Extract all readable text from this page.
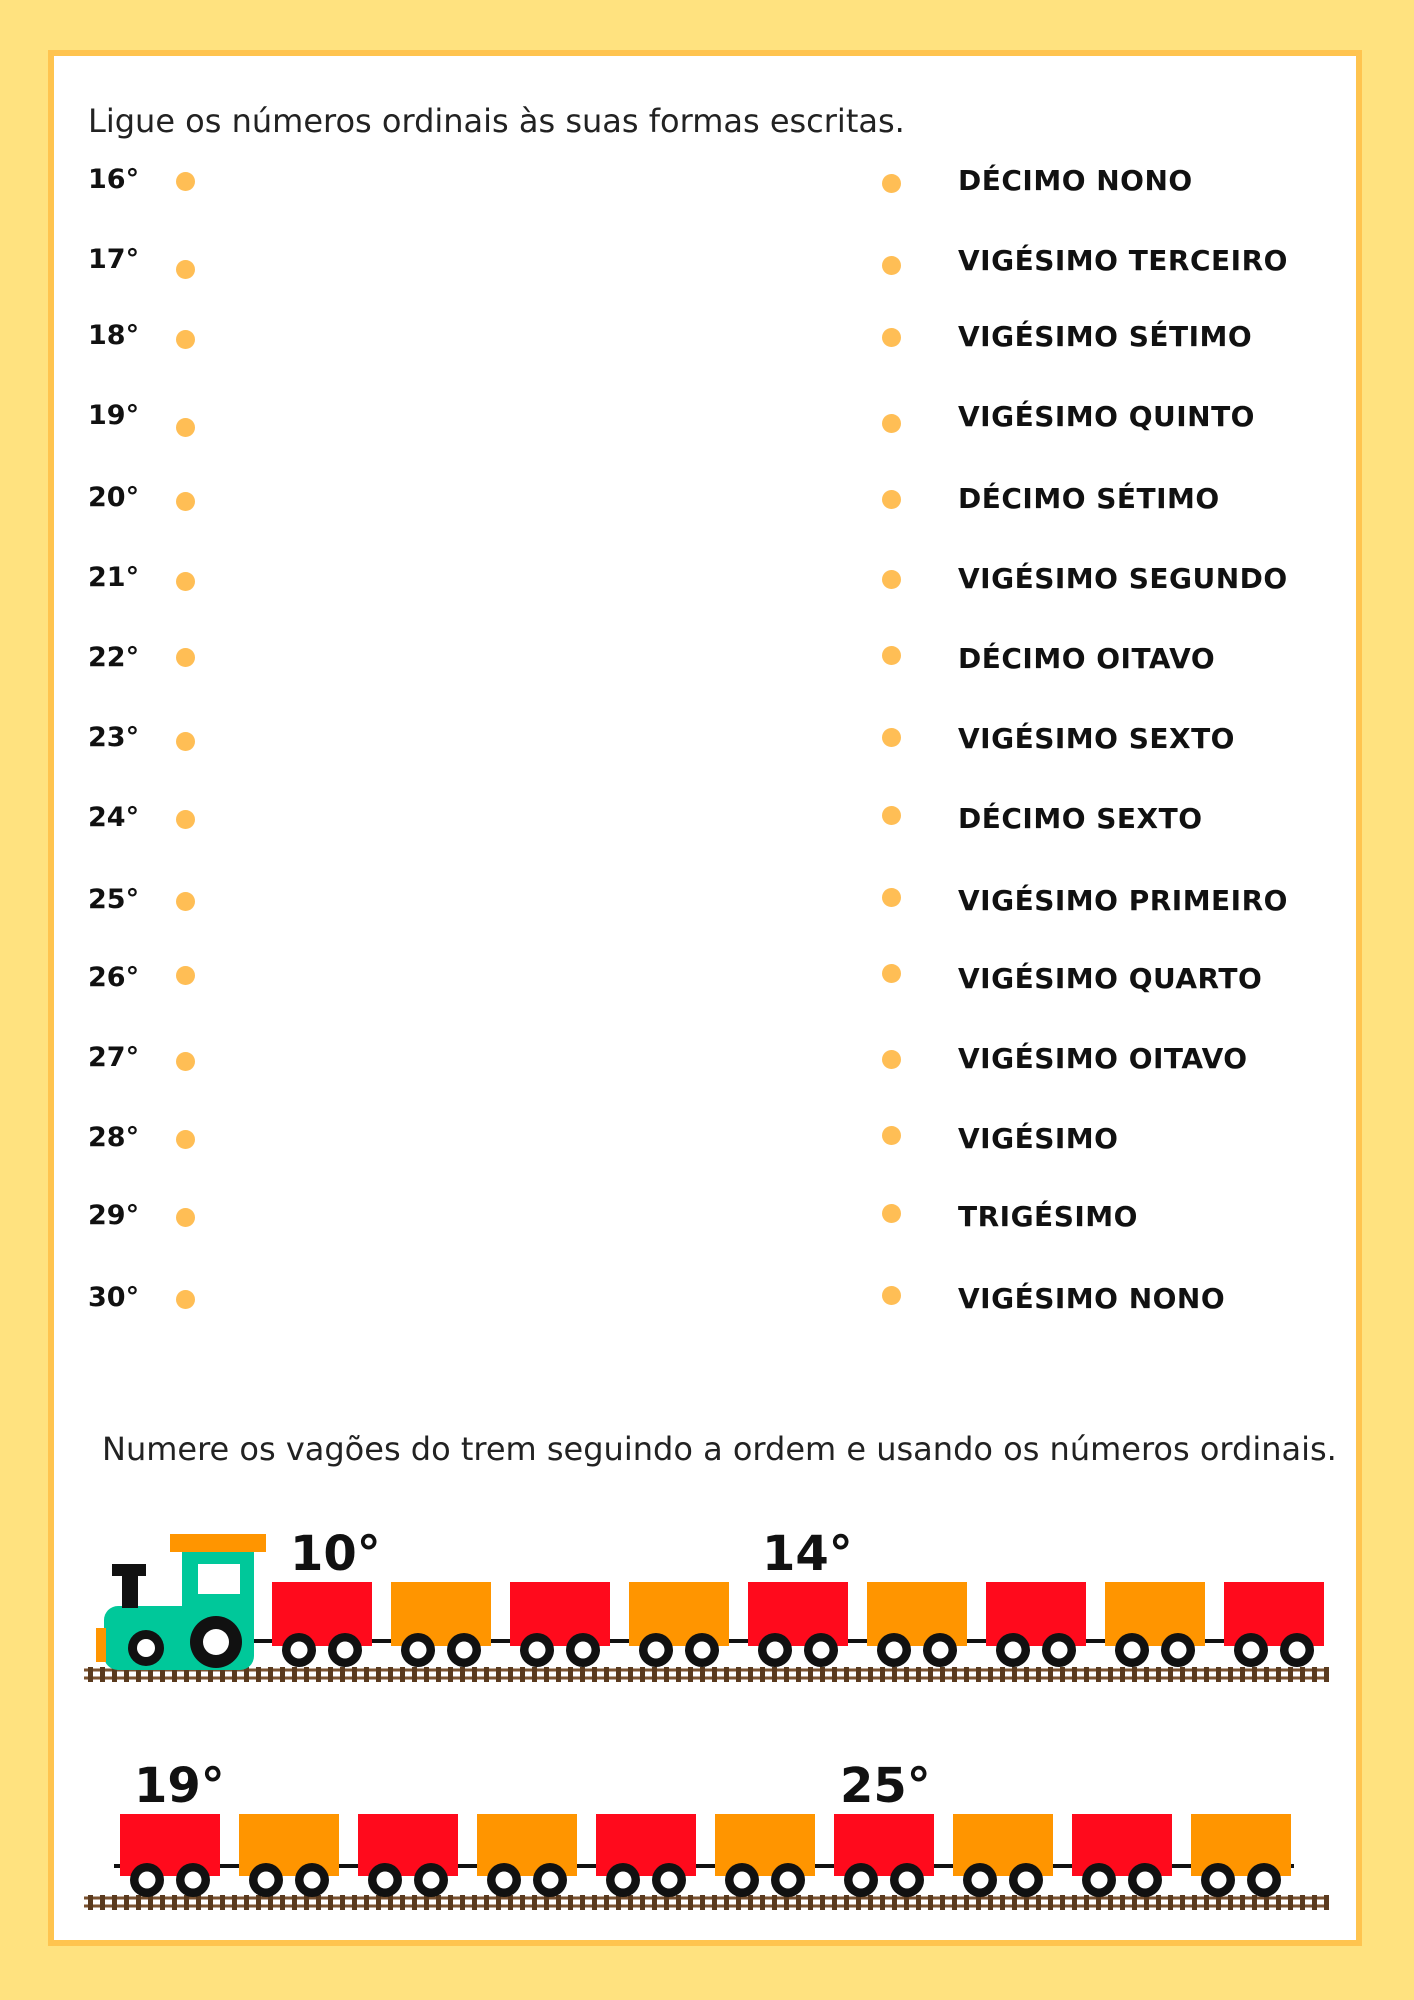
Ligue os números ordinais às suas formas escritas.

16°	DÉCIMO NONO
17°	VIGÉSIMO TERCEIRO
18°	VIGÉSIMO SÉTIMO
19°	VIGÉSIMO QUINTO
20°	DÉCIMO SÉTIMO
21°	VIGÉSIMO SEGUNDO
22°	DÉCIMO OITAVO
23°	VIGÉSIMO SEXTO
24°	DÉCIMO SEXTO
25°	VIGÉSIMO PRIMEIRO
26°	VIGÉSIMO QUARTO
27°	VIGÉSIMO OITAVO
28°	VIGÉSIMO
29°	TRIGÉSIMO
30°	VIGÉSIMO NONO

Numere os vagões do trem seguindo a ordem e usando os números ordinais.

10°	14°
19°	25°
